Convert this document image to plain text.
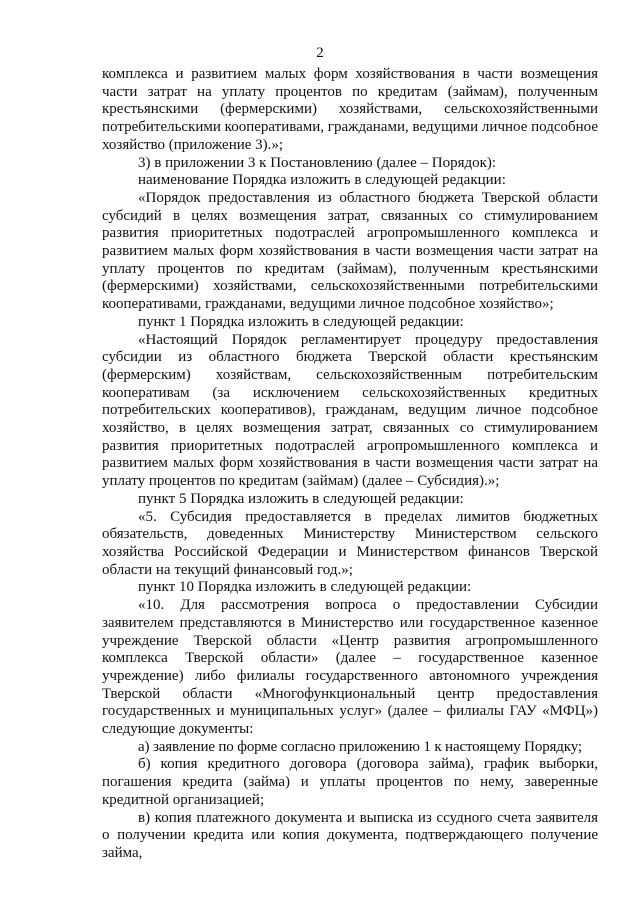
2

комплекса и развитием малых форм хозяйствования в части возмещения части затрат на уплату процентов по кредитам (займам), полученным крестьянскими (фермерскими) хозяйствами, сельскохозяйственными потребительскими кооперативами, гражданами, ведущими личное подсобное хозяйство (приложение 3).»;

3) в приложении 3 к Постановлению (далее – Порядок):

наименование Порядка изложить в следующей редакции:

«Порядок предоставления из областного бюджета Тверской области субсидий в целях возмещения затрат, связанных со стимулированием развития приоритетных подотраслей агропромышленного комплекса и развитием малых форм хозяйствования в части возмещения части затрат на уплату процентов по кредитам (займам), полученным крестьянскими (фермерскими) хозяйствами, сельскохозяйственными потребительскими кооперативами, гражданами, ведущими личное подсобное хозяйство»;

пункт 1 Порядка изложить в следующей редакции:

«Настоящий Порядок регламентирует процедуру предоставления субсидии из областного бюджета Тверской области крестьянским (фермерским) хозяйствам, сельскохозяйственным потребительским кооперативам (за исключением сельскохозяйственных кредитных потребительских кооперативов), гражданам, ведущим личное подсобное хозяйство, в целях возмещения затрат, связанных со стимулированием развития приоритетных подотраслей агропромышленного комплекса и развитием малых форм хозяйствования в части возмещения части затрат на уплату процентов по кредитам (займам) (далее – Субсидия).»;

пункт 5 Порядка изложить в следующей редакции:

«5. Субсидия предоставляется в пределах лимитов бюджетных обязательств, доведенных Министерству Министерством сельского хозяйства Российской Федерации и Министерством финансов Тверской области на текущий финансовый год.»;

пункт 10 Порядка изложить в следующей редакции:

«10. Для рассмотрения вопроса о предоставлении Субсидии заявителем представляются в Министерство или государственное казенное учреждение Тверской области «Центр развития агропромышленного комплекса Тверской области» (далее – государственное казенное учреждение) либо филиалы государственного автономного учреждения Тверской области «Многофункциональный центр предоставления государственных и муниципальных услуг» (далее – филиалы ГАУ «МФЦ») следующие документы:

а) заявление по форме согласно приложению 1 к настоящему Порядку;

б) копия кредитного договора (договора займа), график выборки, погашения кредита (займа) и уплаты процентов по нему, заверенные кредитной организацией;

в) копия платежного документа и выписка из ссудного счета заявителя о получении кредита или копия документа, подтверждающего получение займа,
